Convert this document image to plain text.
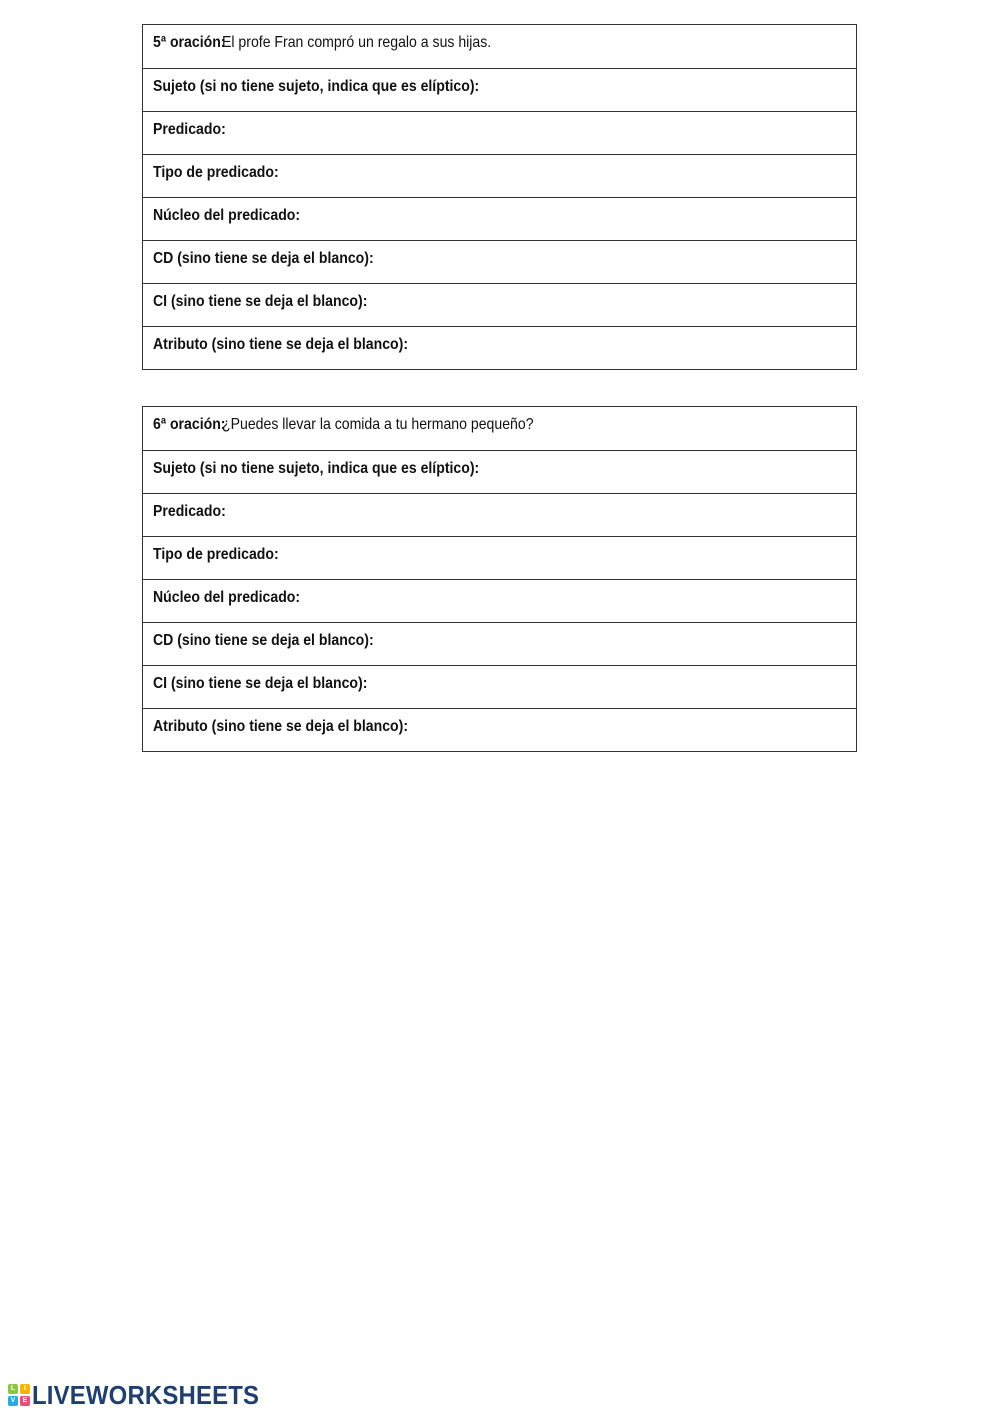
5ª oración: El profe Fran compró un regalo a sus hijas.
Sujeto (si no tiene sujeto, indica que es elíptico):
Predicado:
Tipo de predicado:
Núcleo del predicado:
CD (sino tiene se deja el blanco):
CI (sino tiene se deja el blanco):
Atributo (sino tiene se deja el blanco):
6ª oración: ¿Puedes llevar la comida a tu hermano pequeño?
Sujeto (si no tiene sujeto, indica que es elíptico):
Predicado:
Tipo de predicado:
Núcleo del predicado:
CD (sino tiene se deja el blanco):
CI (sino tiene se deja el blanco):
Atributo (sino tiene se deja el blanco):
L	I
V	E LIVEWORKSHEETS
